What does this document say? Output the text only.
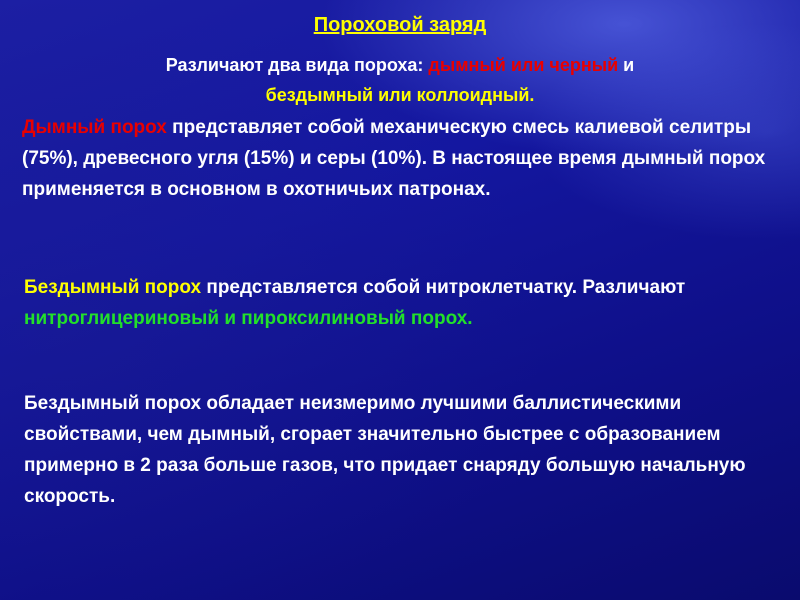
Пороховой заряд
Различают два вида пороха: дымный или черный и
бездымный или коллоидный.
Дымный порох представляет собой механическую смесь калиевой селитры (75%), древесного угля (15%) и серы (10%). В настоящее время дымный порох применяется в основном в охотничьих патронах.
Бездымный порох представляется собой нитроклетчатку. Различают нитроглицериновый и пироксилиновый порох.
Бездымный порох обладает неизмеримо лучшими баллистическими свойствами, чем дымный, сгорает значительно быстрее с образованием примерно в 2 раза больше газов, что придает снаряду большую начальную скорость.
